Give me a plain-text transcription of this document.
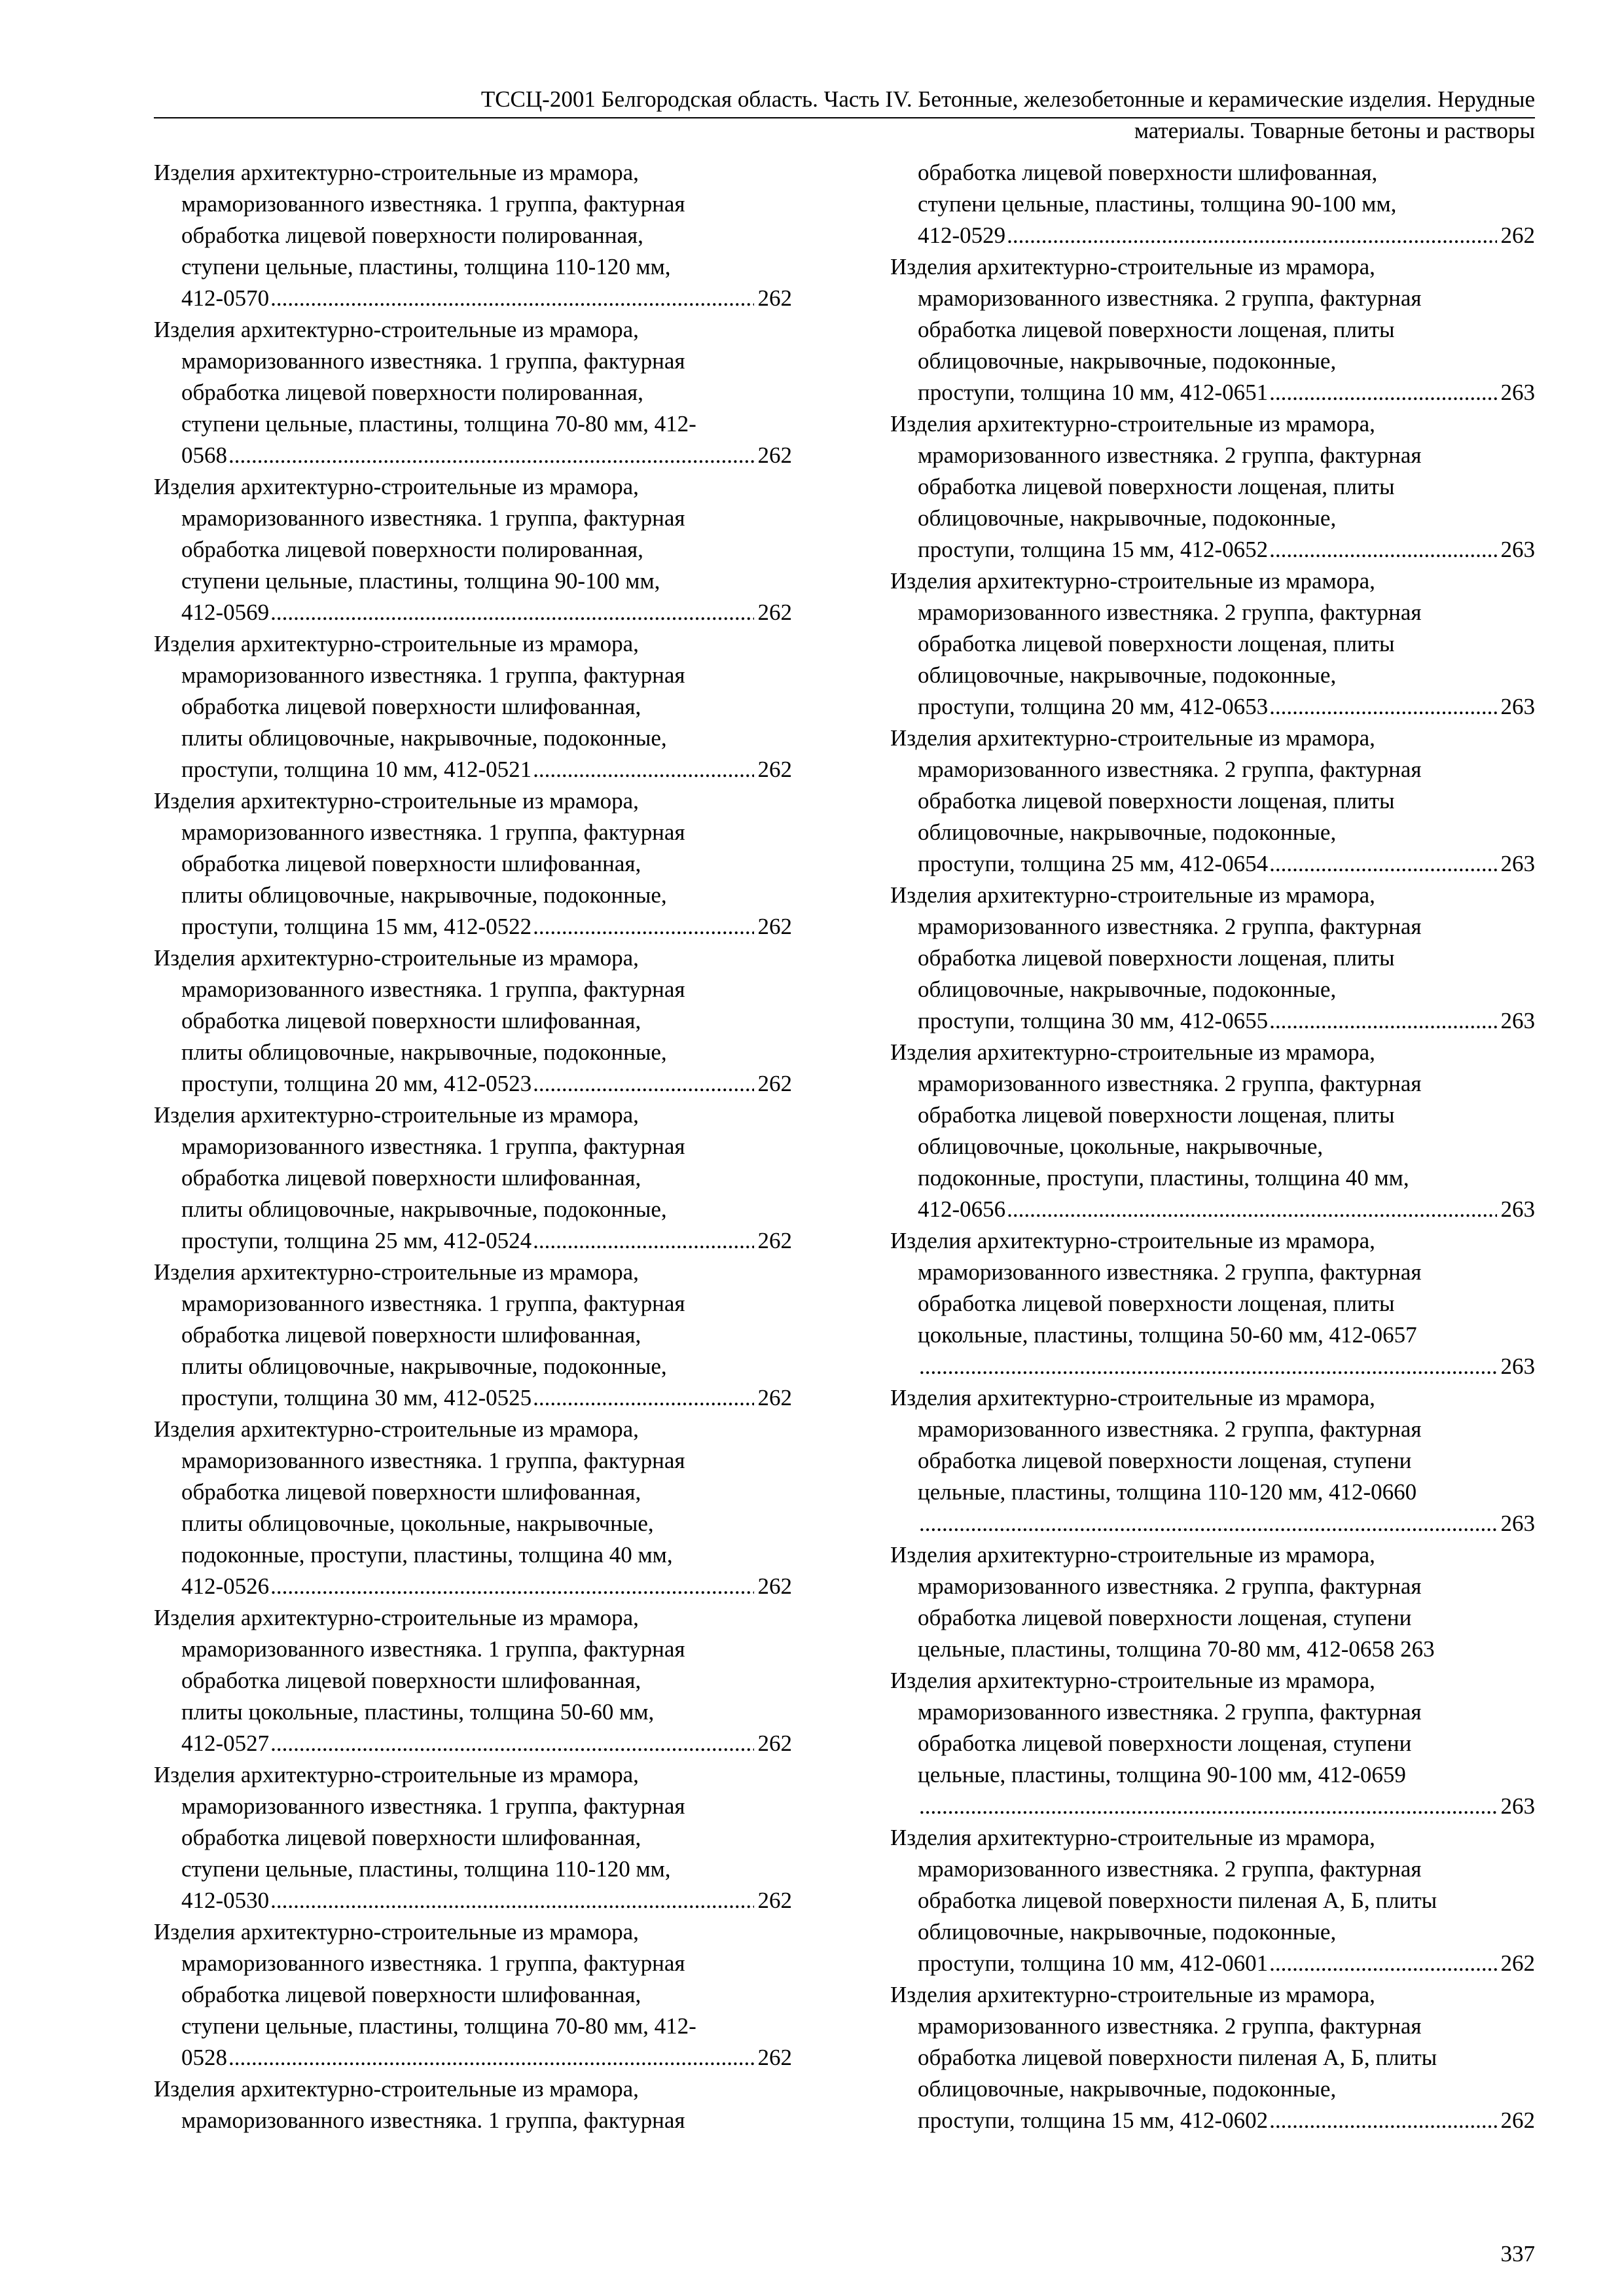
ТССЦ-2001 Белгородская область. Часть IV. Бетонные, железобетонные и керамические изделия. Нерудные
материалы. Товарные бетоны и растворы
Изделия архитектурно-строительные из мрамора,
мраморизованного известняка. 1 группа, фактурная
обработка лицевой поверхности полированная,
ступени цельные, пластины, толщина 110-120 мм,
412-0570 .....	262
Изделия архитектурно-строительные из мрамора,
мраморизованного известняка. 1 группа, фактурная
обработка лицевой поверхности полированная,
ступени цельные, пластины, толщина 70-80 мм, 412-
0568 .....	262
Изделия архитектурно-строительные из мрамора,
мраморизованного известняка. 1 группа, фактурная
обработка лицевой поверхности полированная,
ступени цельные, пластины, толщина 90-100 мм,
412-0569 .....	262
Изделия архитектурно-строительные из мрамора,
мраморизованного известняка. 1 группа, фактурная
обработка лицевой поверхности шлифованная,
плиты облицовочные, накрывочные, подоконные,
проступи, толщина 10 мм, 412-0521 .....	262
Изделия архитектурно-строительные из мрамора,
мраморизованного известняка. 1 группа, фактурная
обработка лицевой поверхности шлифованная,
плиты облицовочные, накрывочные, подоконные,
проступи, толщина 15 мм, 412-0522 .....	262
Изделия архитектурно-строительные из мрамора,
мраморизованного известняка. 1 группа, фактурная
обработка лицевой поверхности шлифованная,
плиты облицовочные, накрывочные, подоконные,
проступи, толщина 20 мм, 412-0523 .....	262
Изделия архитектурно-строительные из мрамора,
мраморизованного известняка. 1 группа, фактурная
обработка лицевой поверхности шлифованная,
плиты облицовочные, накрывочные, подоконные,
проступи, толщина 25 мм, 412-0524 .....	262
Изделия архитектурно-строительные из мрамора,
мраморизованного известняка. 1 группа, фактурная
обработка лицевой поверхности шлифованная,
плиты облицовочные, накрывочные, подоконные,
проступи, толщина 30 мм, 412-0525 .....	262
Изделия архитектурно-строительные из мрамора,
мраморизованного известняка. 1 группа, фактурная
обработка лицевой поверхности шлифованная,
плиты облицовочные, цокольные, накрывочные,
подоконные, проступи, пластины, толщина 40 мм,
412-0526 .....	262
Изделия архитектурно-строительные из мрамора,
мраморизованного известняка. 1 группа, фактурная
обработка лицевой поверхности шлифованная,
плиты цокольные, пластины, толщина 50-60 мм,
412-0527 .....	262
Изделия архитектурно-строительные из мрамора,
мраморизованного известняка. 1 группа, фактурная
обработка лицевой поверхности шлифованная,
ступени цельные, пластины, толщина 110-120 мм,
412-0530 .....	262
Изделия архитектурно-строительные из мрамора,
мраморизованного известняка. 1 группа, фактурная
обработка лицевой поверхности шлифованная,
ступени цельные, пластины, толщина 70-80 мм, 412-
0528 .....	262
Изделия архитектурно-строительные из мрамора,
мраморизованного известняка. 1 группа, фактурная
обработка лицевой поверхности шлифованная,
ступени цельные, пластины, толщина 90-100 мм,
412-0529 .....	262
Изделия архитектурно-строительные из мрамора,
мраморизованного известняка. 2 группа, фактурная
обработка лицевой поверхности лощеная, плиты
облицовочные, накрывочные, подоконные,
проступи, толщина 10 мм, 412-0651 .....	263
Изделия архитектурно-строительные из мрамора,
мраморизованного известняка. 2 группа, фактурная
обработка лицевой поверхности лощеная, плиты
облицовочные, накрывочные, подоконные,
проступи, толщина 15 мм, 412-0652 .....	263
Изделия архитектурно-строительные из мрамора,
мраморизованного известняка. 2 группа, фактурная
обработка лицевой поверхности лощеная, плиты
облицовочные, накрывочные, подоконные,
проступи, толщина 20 мм, 412-0653 .....	263
Изделия архитектурно-строительные из мрамора,
мраморизованного известняка. 2 группа, фактурная
обработка лицевой поверхности лощеная, плиты
облицовочные, накрывочные, подоконные,
проступи, толщина 25 мм, 412-0654 .....	263
Изделия архитектурно-строительные из мрамора,
мраморизованного известняка. 2 группа, фактурная
обработка лицевой поверхности лощеная, плиты
облицовочные, накрывочные, подоконные,
проступи, толщина 30 мм, 412-0655 .....	263
Изделия архитектурно-строительные из мрамора,
мраморизованного известняка. 2 группа, фактурная
обработка лицевой поверхности лощеная, плиты
облицовочные, цокольные, накрывочные,
подоконные, проступи, пластины, толщина 40 мм,
412-0656 .....	263
Изделия архитектурно-строительные из мрамора,
мраморизованного известняка. 2 группа, фактурная
обработка лицевой поверхности лощеная, плиты
цокольные, пластины, толщина 50-60 мм, 412-0657
.....
263
Изделия архитектурно-строительные из мрамора,
мраморизованного известняка. 2 группа, фактурная
обработка лицевой поверхности лощеная, ступени
цельные, пластины, толщина 110-120 мм, 412-0660
.....
263
Изделия архитектурно-строительные из мрамора,
мраморизованного известняка. 2 группа, фактурная
обработка лицевой поверхности лощеная, ступени
цельные, пластины, толщина 70-80 мм, 412-0658
263
Изделия архитектурно-строительные из мрамора,
мраморизованного известняка. 2 группа, фактурная
обработка лицевой поверхности лощеная, ступени
цельные, пластины, толщина 90-100 мм, 412-0659
.....
263
Изделия архитектурно-строительные из мрамора,
мраморизованного известняка. 2 группа, фактурная
обработка лицевой поверхности пиленая А, Б, плиты
облицовочные, накрывочные, подоконные,
проступи, толщина 10 мм, 412-0601 .....	262
Изделия архитектурно-строительные из мрамора,
мраморизованного известняка. 2 группа, фактурная
обработка лицевой поверхности пиленая А, Б, плиты
облицовочные, накрывочные, подоконные,
проступи, толщина 15 мм, 412-0602 .....	262
337
